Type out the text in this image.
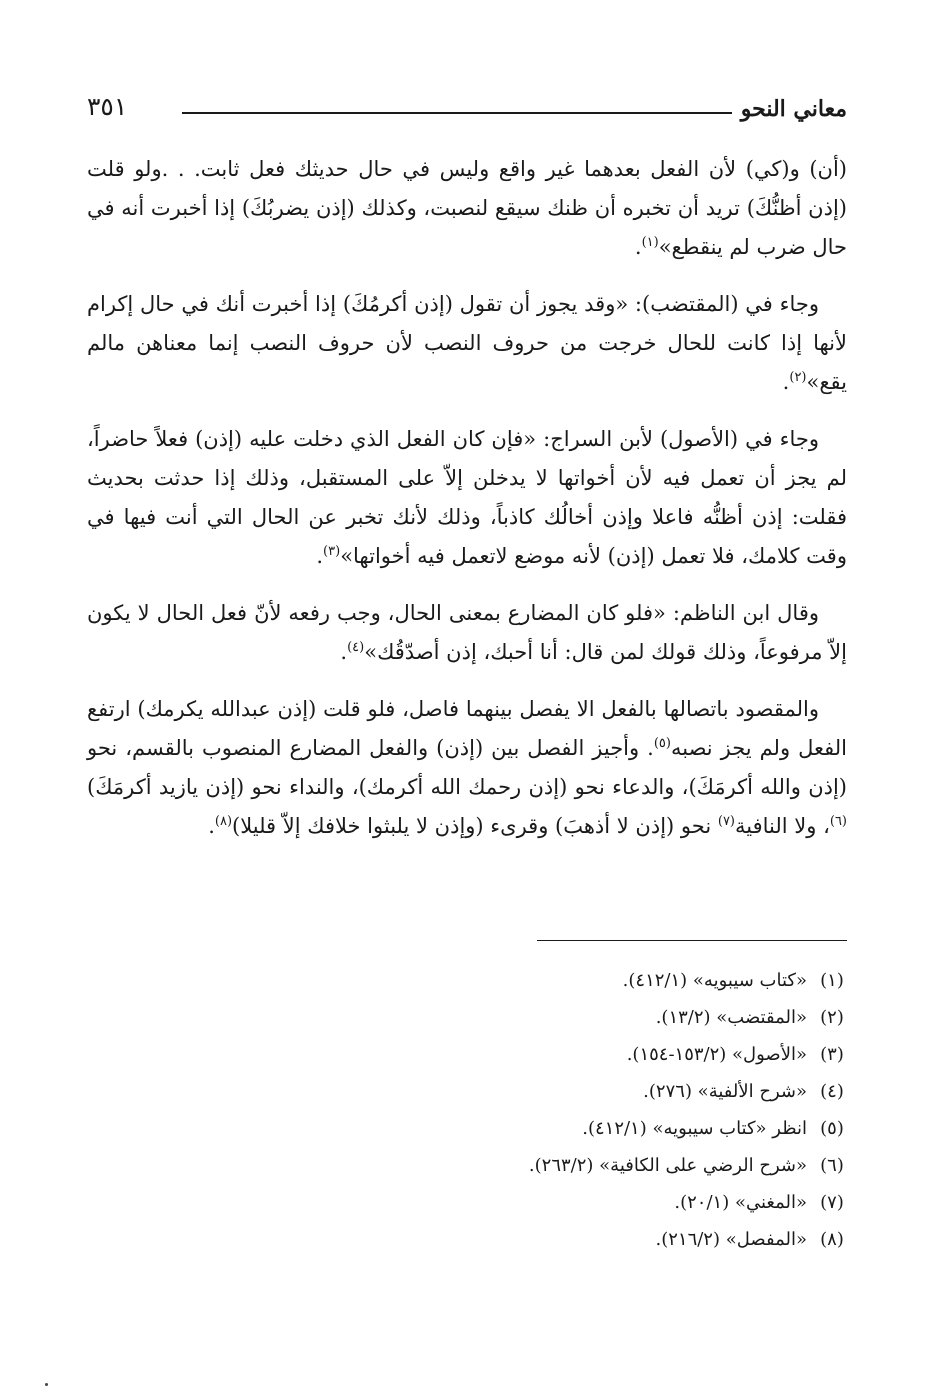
معاني النحو
٣٥١

(أن) و(كي) لأن الفعل بعدهما غير واقع وليس في حال حديثك فعل ثابت. . .ولو قلت (إذن أظنُّكَ) تريد أن تخبره أن ظنك سيقع لنصبت، وكذلك (إذن يضربُكَ) إذا أخبرت أنه في حال ضرب لم ينقطع»$^{(١)}$.

وجاء في (المقتضب): «وقد يجوز أن تقول (إذن أكرمُكَ) إذا أخبرت أنك في حال إكرام لأنها إذا كانت للحال خرجت من حروف النصب لأن حروف النصب إنما معناهن مالم يقع»$^{(٢)}$.

وجاء في (الأصول) لأبن السراج: «فإن كان الفعل الذي دخلت عليه (إذن) فعلاً حاضراً، لم يجز أن تعمل فيه لأن أخواتها لا يدخلن إلاّ على المستقبل، وذلك إذا حدثت بحديث فقلت: إذن أظنُّه فاعلا وإذن أخالُك كاذباً، وذلك لأنك تخبر عن الحال التي أنت فيها في وقت كلامك، فلا تعمل (إذن) لأنه موضع لاتعمل فيه أخواتها»$^{(٣)}$.

وقال ابن الناظم: «فلو كان المضارع بمعنى الحال، وجب رفعه لأنّ فعل الحال لا يكون إلاّ مرفوعاً، وذلك قولك لمن قال: أنا أحبك، إذن أصدّقُك»$^{(٤)}$.

والمقصود باتصالها بالفعل الا يفصل بينهما فاصل، فلو قلت (إذن عبدالله يكرمك) ارتفع الفعل ولم يجز نصبه$^{(٥)}$. وأجيز الفصل بين (إذن) والفعل المضارع المنصوب بالقسم، نحو (إذن والله أكرمَكَ)، والدعاء نحو (إذن رحمك الله أكرمك)، والنداء نحو (إذن يازيد أكرمَكَ)$^{(٦)}$، ولا النافية$^{(٧)}$ نحو (إذن لا أذهبَ) وقرىء (وإذن لا يلبثوا خلافك إلاّ قليلا)$^{(٨)}$.

(١)«كتاب سيبويه» (٤١٢/١).
(٢)«المقتضب» (١٣/٢).
(٣)«الأصول» (١٥٣/٢-١٥٤).
(٤)«شرح الألفية» (٢٧٦).
(٥)انظر «كتاب سيبويه» (٤١٢/١).
(٦)«شرح الرضي على الكافية» (٢٦٣/٢).
(٧)«المغني» (٢٠/١).
(٨)«المفصل» (٢١٦/٢).
